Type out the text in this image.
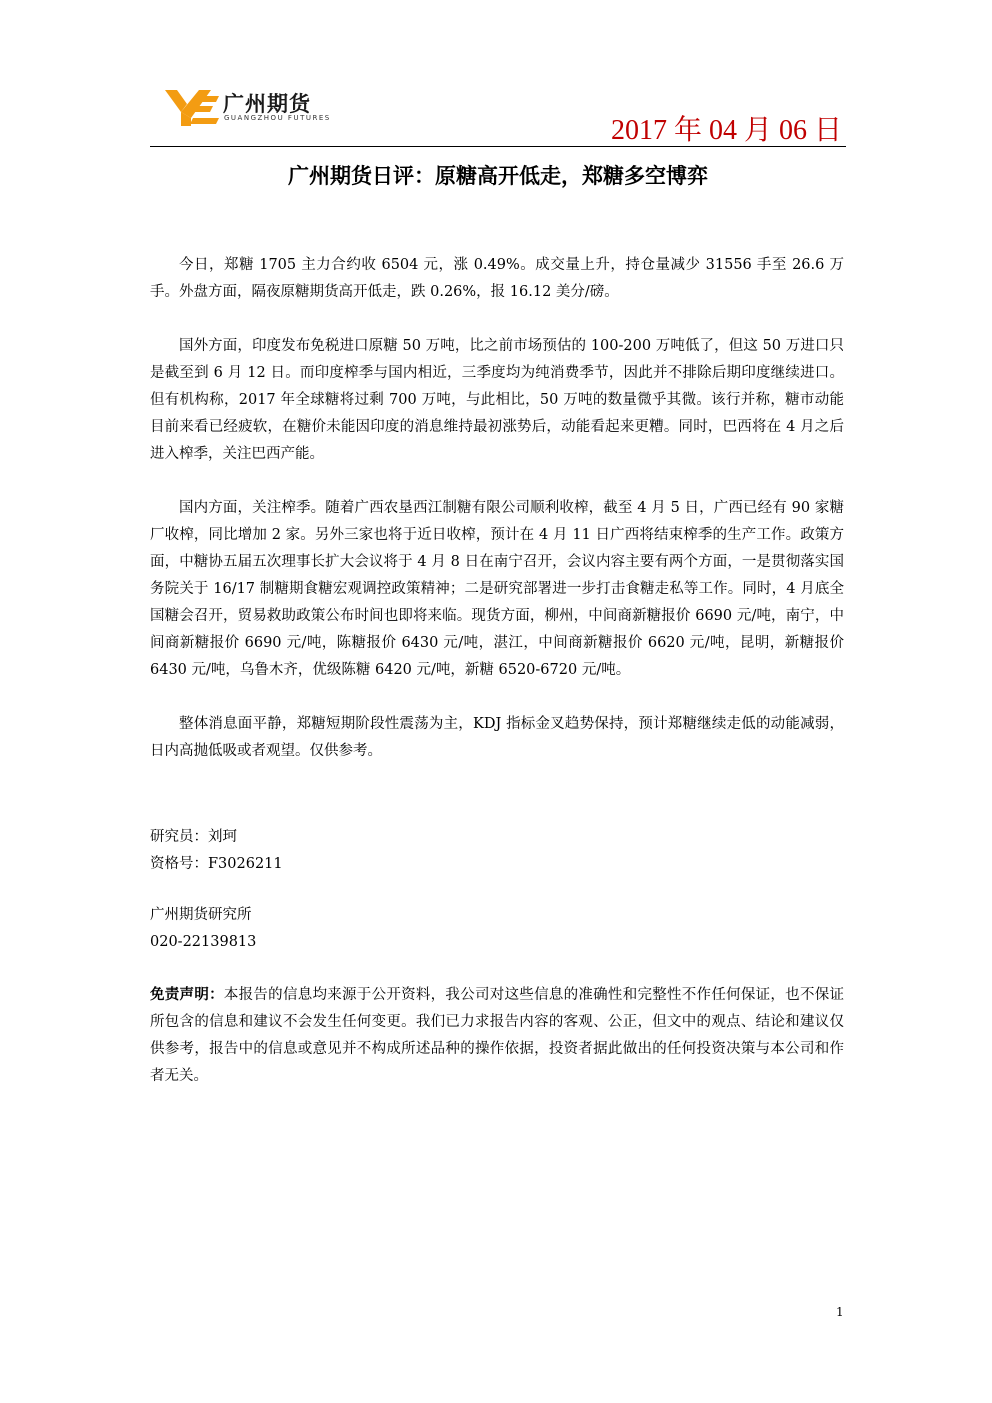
广州期货
GUANGZHOU FUTURES	2017 年 04 月 06 日
广州期货日评：原糖高开低走，郑糖多空博弈

今日，郑糖 1705 主力合约收 6504 元，涨 0.49%。成交量上升，持仓量减少 31556 手至 26.6 万手。外盘方面，隔夜原糖期货高开低走，跌 0.26%，报 16.12 美分/磅。

国外方面，印度发布免税进口原糖 50 万吨，比之前市场预估的 100-200 万吨低了，但这 50 万进口只是截至到 6 月 12 日。而印度榨季与国内相近，三季度均为纯消费季节，因此并不排除后期印度继续进口。但有机构称，2017 年全球糖将过剩 700 万吨，与此相比，50 万吨的数量微乎其微。该行并称，糖市动能目前来看已经疲软，在糖价未能因印度的消息维持最初涨势后，动能看起来更糟。同时，巴西将在 4 月之后进入榨季，关注巴西产能。

国内方面，关注榨季。随着广西农垦西江制糖有限公司顺利收榨，截至 4 月 5 日，广西已经有 90 家糖厂收榨，同比增加 2 家。另外三家也将于近日收榨，预计在 4 月 11 日广西将结束榨季的生产工作。政策方面，中糖协五届五次理事长扩大会议将于 4 月 8 日在南宁召开，会议内容主要有两个方面，一是贯彻落实国务院关于 16/17 制糖期食糖宏观调控政策精神；二是研究部署进一步打击食糖走私等工作。同时，4 月底全国糖会召开，贸易救助政策公布时间也即将来临。现货方面，柳州，中间商新糖报价 6690 元/吨，南宁，中间商新糖报价 6690 元/吨，陈糖报价 6430 元/吨，湛江，中间商新糖报价 6620 元/吨，昆明，新糖报价 6430 元/吨，乌鲁木齐，优级陈糖 6420 元/吨，新糖 6520-6720 元/吨。

整体消息面平静，郑糖短期阶段性震荡为主，KDJ 指标金叉趋势保持，预计郑糖继续走低的动能减弱，日内高抛低吸或者观望。仅供参考。

研究员：刘珂
资格号：F3026211
广州期货研究所
020-22139813
免责声明：本报告的信息均来源于公开资料，我公司对这些信息的准确性和完整性不作任何保证，也不保证所包含的信息和建议不会发生任何变更。我们已力求报告内容的客观、公正，但文中的观点、结论和建议仅供参考，报告中的信息或意见并不构成所述品种的操作依据，投资者据此做出的任何投资决策与本公司和作者无关。
1
